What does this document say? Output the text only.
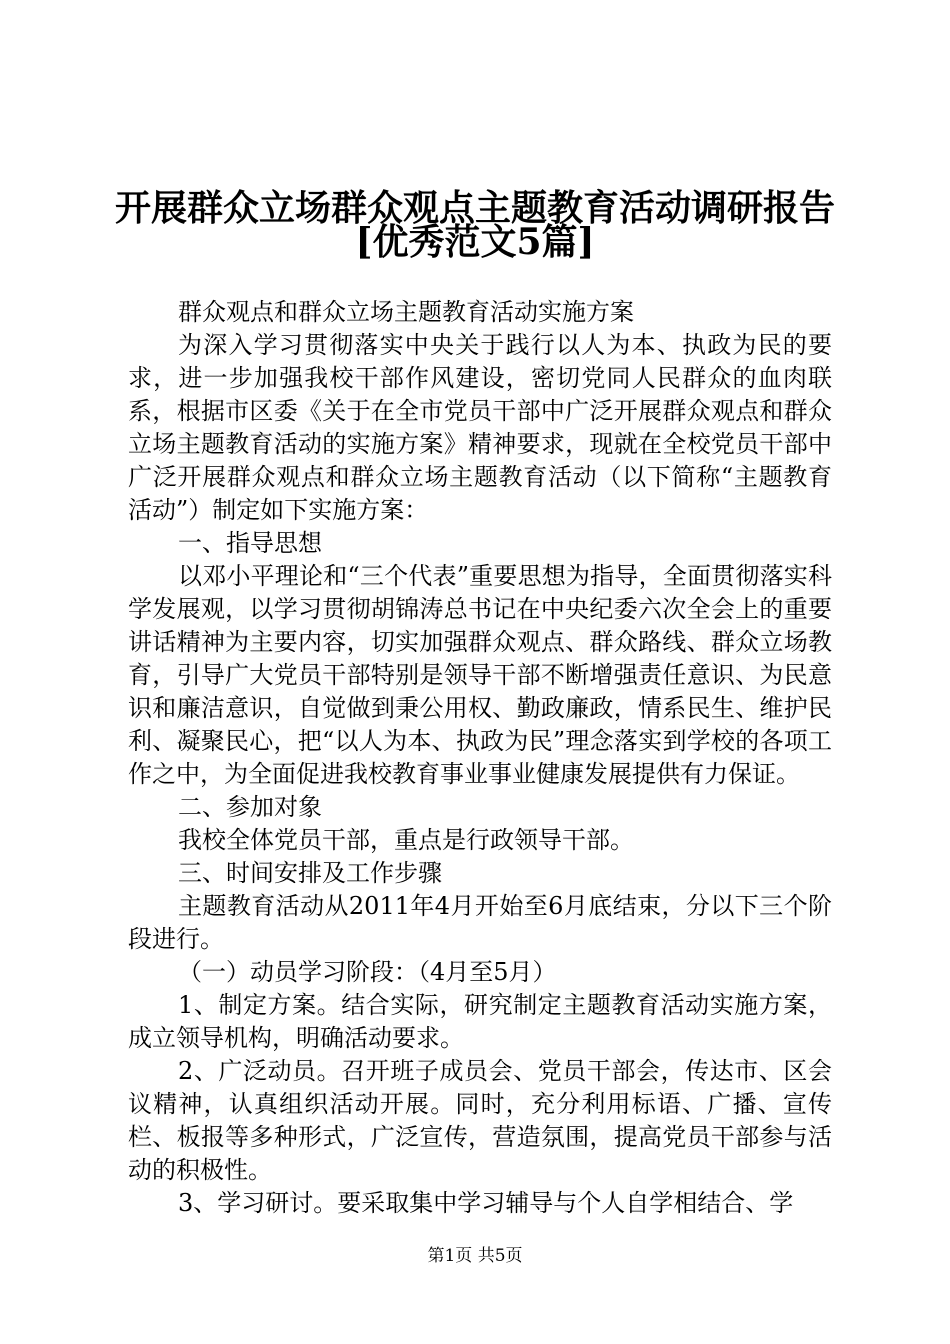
开展群众立场群众观点主题教育活动调研报告
[优秀范文5篇]

群众观点和群众立场主题教育活动实施方案

为深入学习贯彻落实中央关于践行以人为本、执政为民的要求，进一步加强我校干部作风建设，密切党同人民群众的血肉联系，根据市区委《关于在全市党员干部中广泛开展群众观点和群众立场主题教育活动的实施方案》精神要求，现就在全校党员干部中广泛开展群众观点和群众立场主题教育活动（以下简称“主题教育活动”）制定如下实施方案：

一、指导思想

以邓小平理论和“三个代表”重要思想为指导，全面贯彻落实科学发展观，以学习贯彻胡锦涛总书记在中央纪委六次全会上的重要讲话精神为主要内容，切实加强群众观点、群众路线、群众立场教育，引导广大党员干部特别是领导干部不断增强责任意识、为民意识和廉洁意识，自觉做到秉公用权、勤政廉政，情系民生、维护民利、凝聚民心，把“以人为本、执政为民”理念落实到学校的各项工作之中，为全面促进我校教育事业事业健康发展提供有力保证。

二、参加对象

我校全体党员干部，重点是行政领导干部。

三、时间安排及工作步骤

主题教育活动从2011年4月开始至6月底结束，分以下三个阶段进行。

（一）动员学习阶段：（4月至5月）

1、制定方案。结合实际，研究制定主题教育活动实施方案，成立领导机构，明确活动要求。

2、广泛动员。召开班子成员会、党员干部会，传达市、区会议精神，认真组织活动开展。同时，充分利用标语、广播、宣传栏、板报等多种形式，广泛宣传，营造氛围，提高党员干部参与活动的积极性。

3、学习研讨。要采取集中学习辅导与个人自学相结合、学

第1页 共5页
